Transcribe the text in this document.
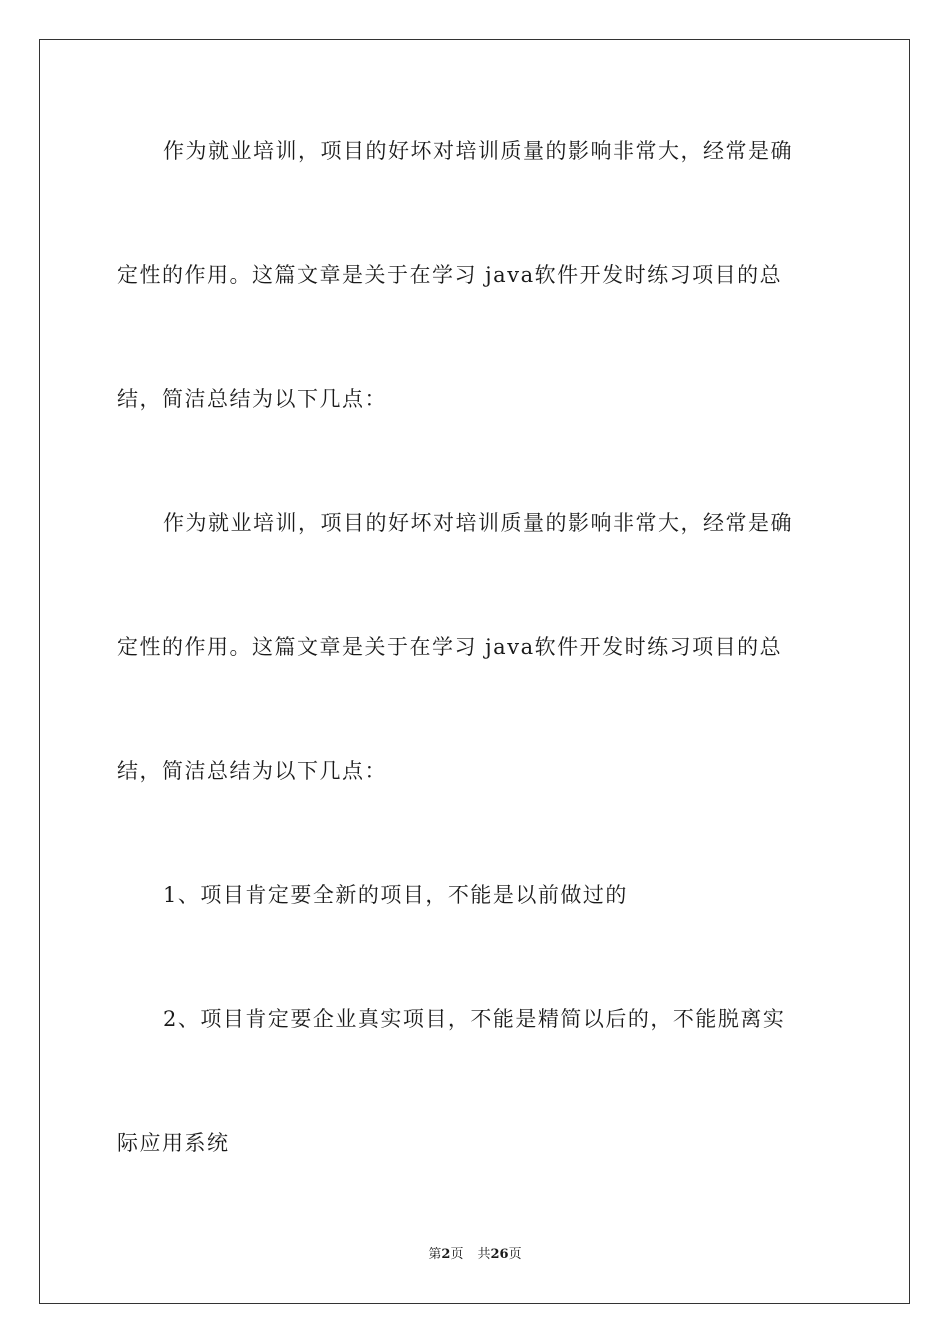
作为就业培训，项目的好坏对培训质量的影响非常大，经常是确
定性的作用。这篇文章是关于在学习 java软件开发时练习项目的总
结，简洁总结为以下几点：
作为就业培训，项目的好坏对培训质量的影响非常大，经常是确
定性的作用。这篇文章是关于在学习 java软件开发时练习项目的总
结，简洁总结为以下几点：
1、项目肯定要全新的项目，不能是以前做过的
2、项目肯定要企业真实项目，不能是精简以后的，不能脱离实
际应用系统
第2页 共26页
